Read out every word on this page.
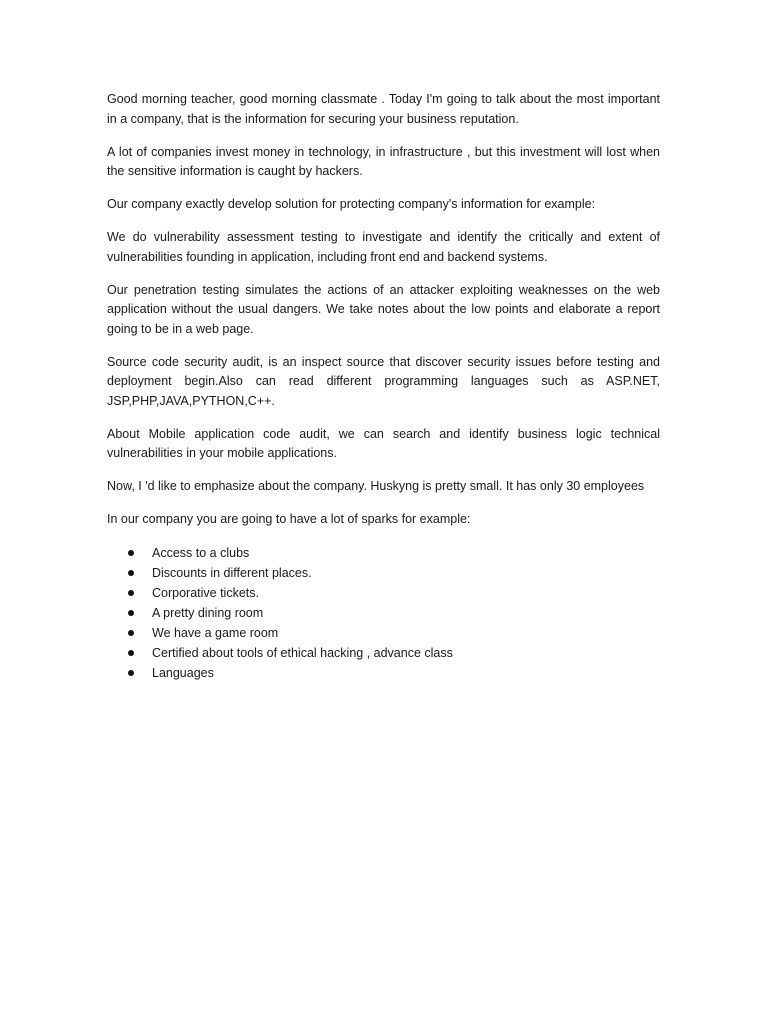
Good morning teacher, good morning classmate . Today I'm going to talk about the most important in a company, that is the information for securing your business reputation.

A lot of companies invest money in technology, in infrastructure , but this investment will lost when the sensitive information is caught by hackers.

Our company exactly develop solution for protecting company's information for example:

We do vulnerability assessment testing to investigate and identify the critically and extent of vulnerabilities founding in application, including front end and backend systems.

Our penetration testing simulates the actions of an attacker exploiting weaknesses on the web application without the usual dangers. We take notes about the low points and elaborate a report going to be in a web page.

Source code security audit, is an inspect source that discover security issues before testing and deployment begin.Also can read different programming languages such as ASP.NET, JSP,PHP,JAVA,PYTHON,C++.

About Mobile application code audit, we can search and identify business logic technical vulnerabilities in your mobile applications.

Now, I 'd like to emphasize about the company. Huskyng is pretty small. It has only 30 employees

In our company you are going to have a lot of sparks for example:

Access to a clubs
Discounts in different places.
Corporative tickets.
A pretty dining room
We have a game room
Certified about tools of ethical hacking , advance class
Languages
